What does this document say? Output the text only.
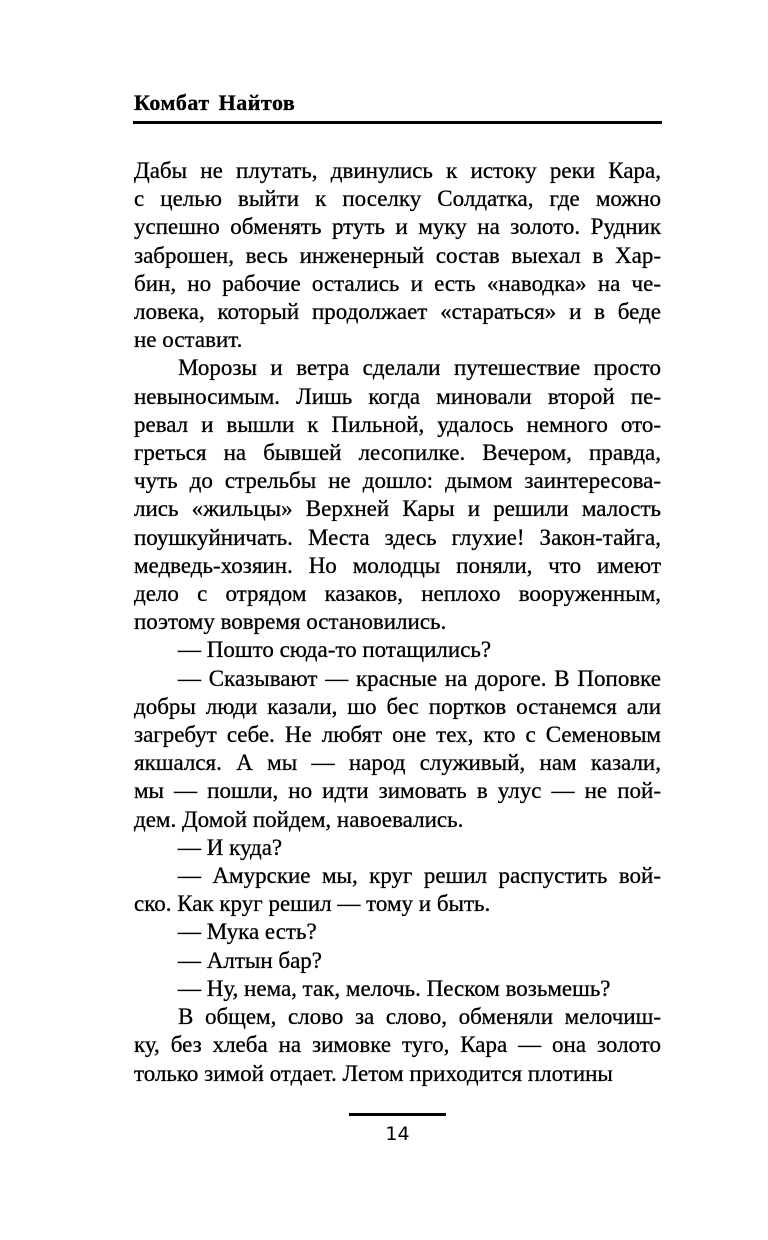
Комбат Найтов
Дабы не плутать, двинулись к истоку реки Кара,
с целью выйти к поселку Солдатка, где можно
успешно обменять ртуть и муку на золото. Рудник
заброшен, весь инженерный состав выехал в Хар-
бин, но рабочие остались и есть «наводка» на че-
ловека, который продолжает «стараться» и в беде
не оставит.
Морозы и ветра сделали путешествие просто
невыносимым. Лишь когда миновали второй пе-
ревал и вышли к Пильной, удалось немного ото-
греться на бывшей лесопилке. Вечером, правда,
чуть до стрельбы не дошло: дымом заинтересова-
лись «жильцы» Верхней Кары и решили малость
поушкуйничать. Места здесь глухие! Закон-тайга,
медведь-хозяин. Но молодцы поняли, что имеют
дело с отрядом казаков, неплохо вооруженным,
поэтому вовремя остановились.
— Пошто сюда-то потащились?
— Сказывают — красные на дороге. В Поповке
добры люди казали, шо бес портков останемся али
загребут себе. Не любят оне тех, кто с Семеновым
якшался. А мы — народ служивый, нам казали,
мы — пошли, но идти зимовать в улус — не пой-
дем. Домой пойдем, навоевались.
— И куда?
— Амурские мы, круг решил распустить вой-
ско. Как круг решил — тому и быть.
— Мука есть?
— Алтын бар?
— Ну, нема, так, мелочь. Песком возьмешь?
В общем, слово за слово, обменяли мелочиш-
ку, без хлеба на зимовке туго, Кара — она золото
только зимой отдает. Летом приходится плотины
14
